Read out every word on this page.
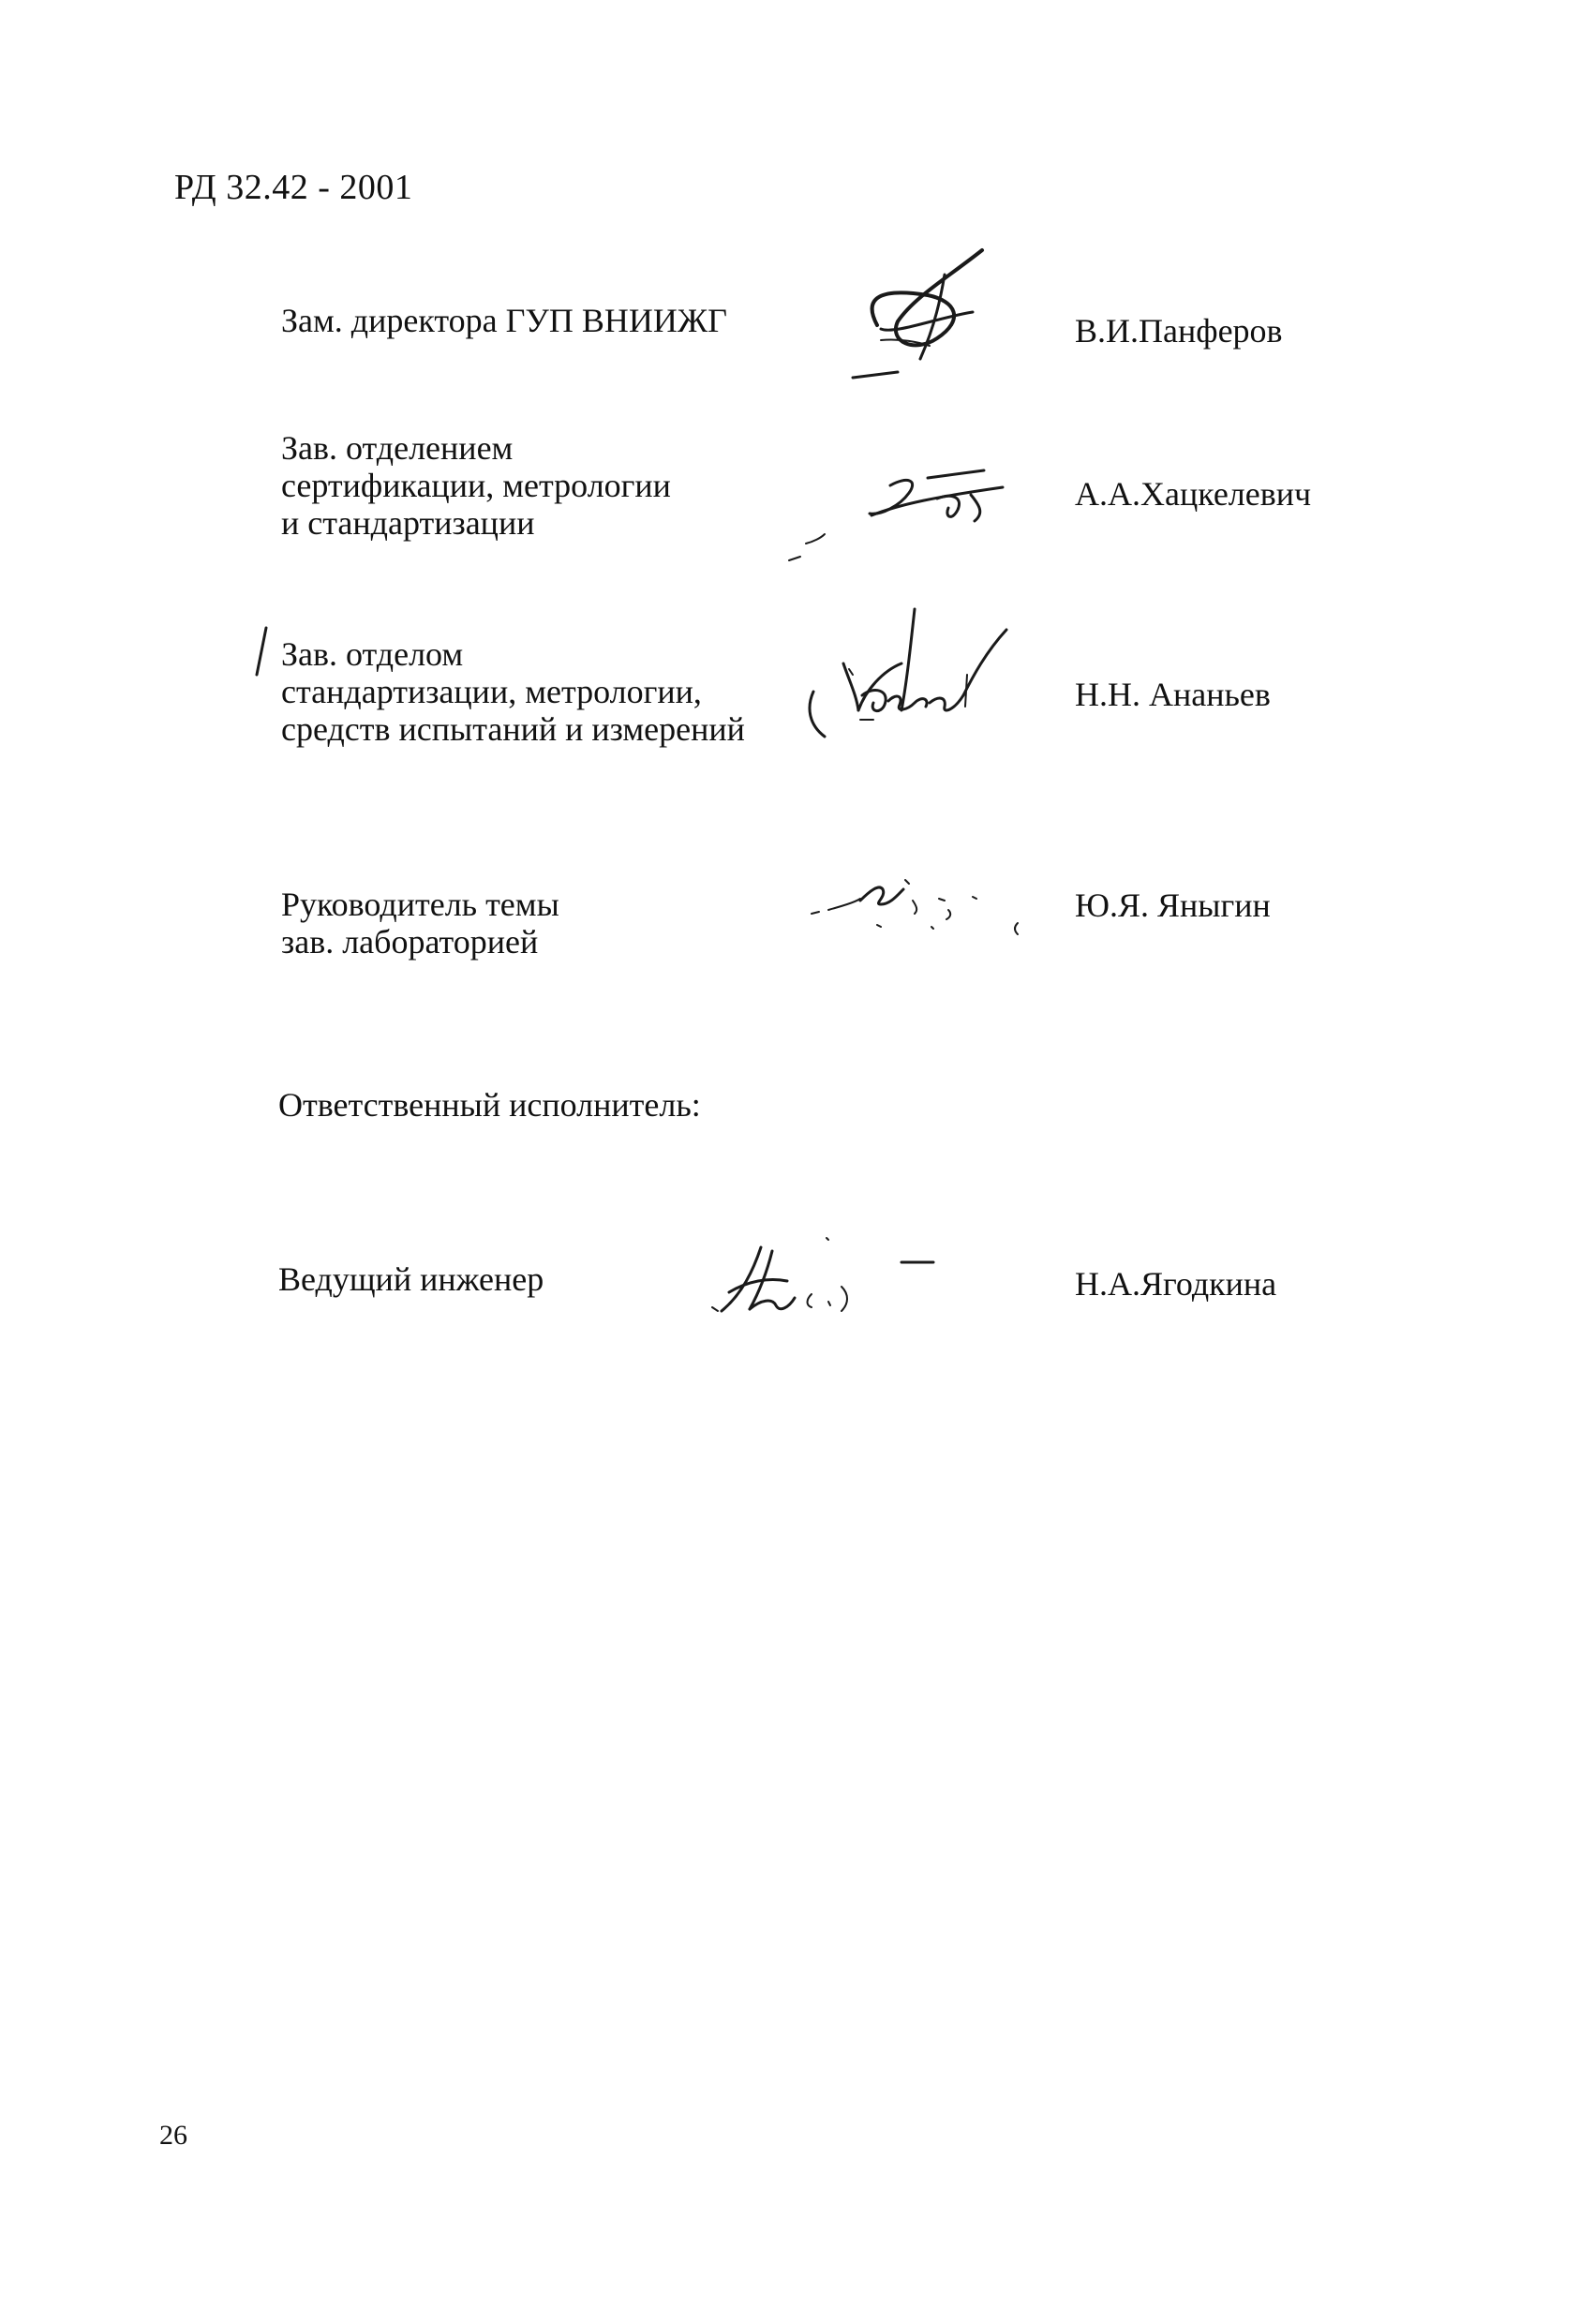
РД 32.42 - 2001
Зам. директора ГУП ВНИИЖГ	В.И.Панферов
Зав. отделением
сертификации, метрологии
и стандартизации
А.А.Хацкелевич
Зав. отделом
стандартизации, метрологии,
средств испытаний и измерений
Н.Н. Ананьев
Руководитель темы
зав. лабораторией
Ю.Я. Яныгин
Ответственный исполнитель:
Ведущий инженер	Н.А.Ягодкина
26
